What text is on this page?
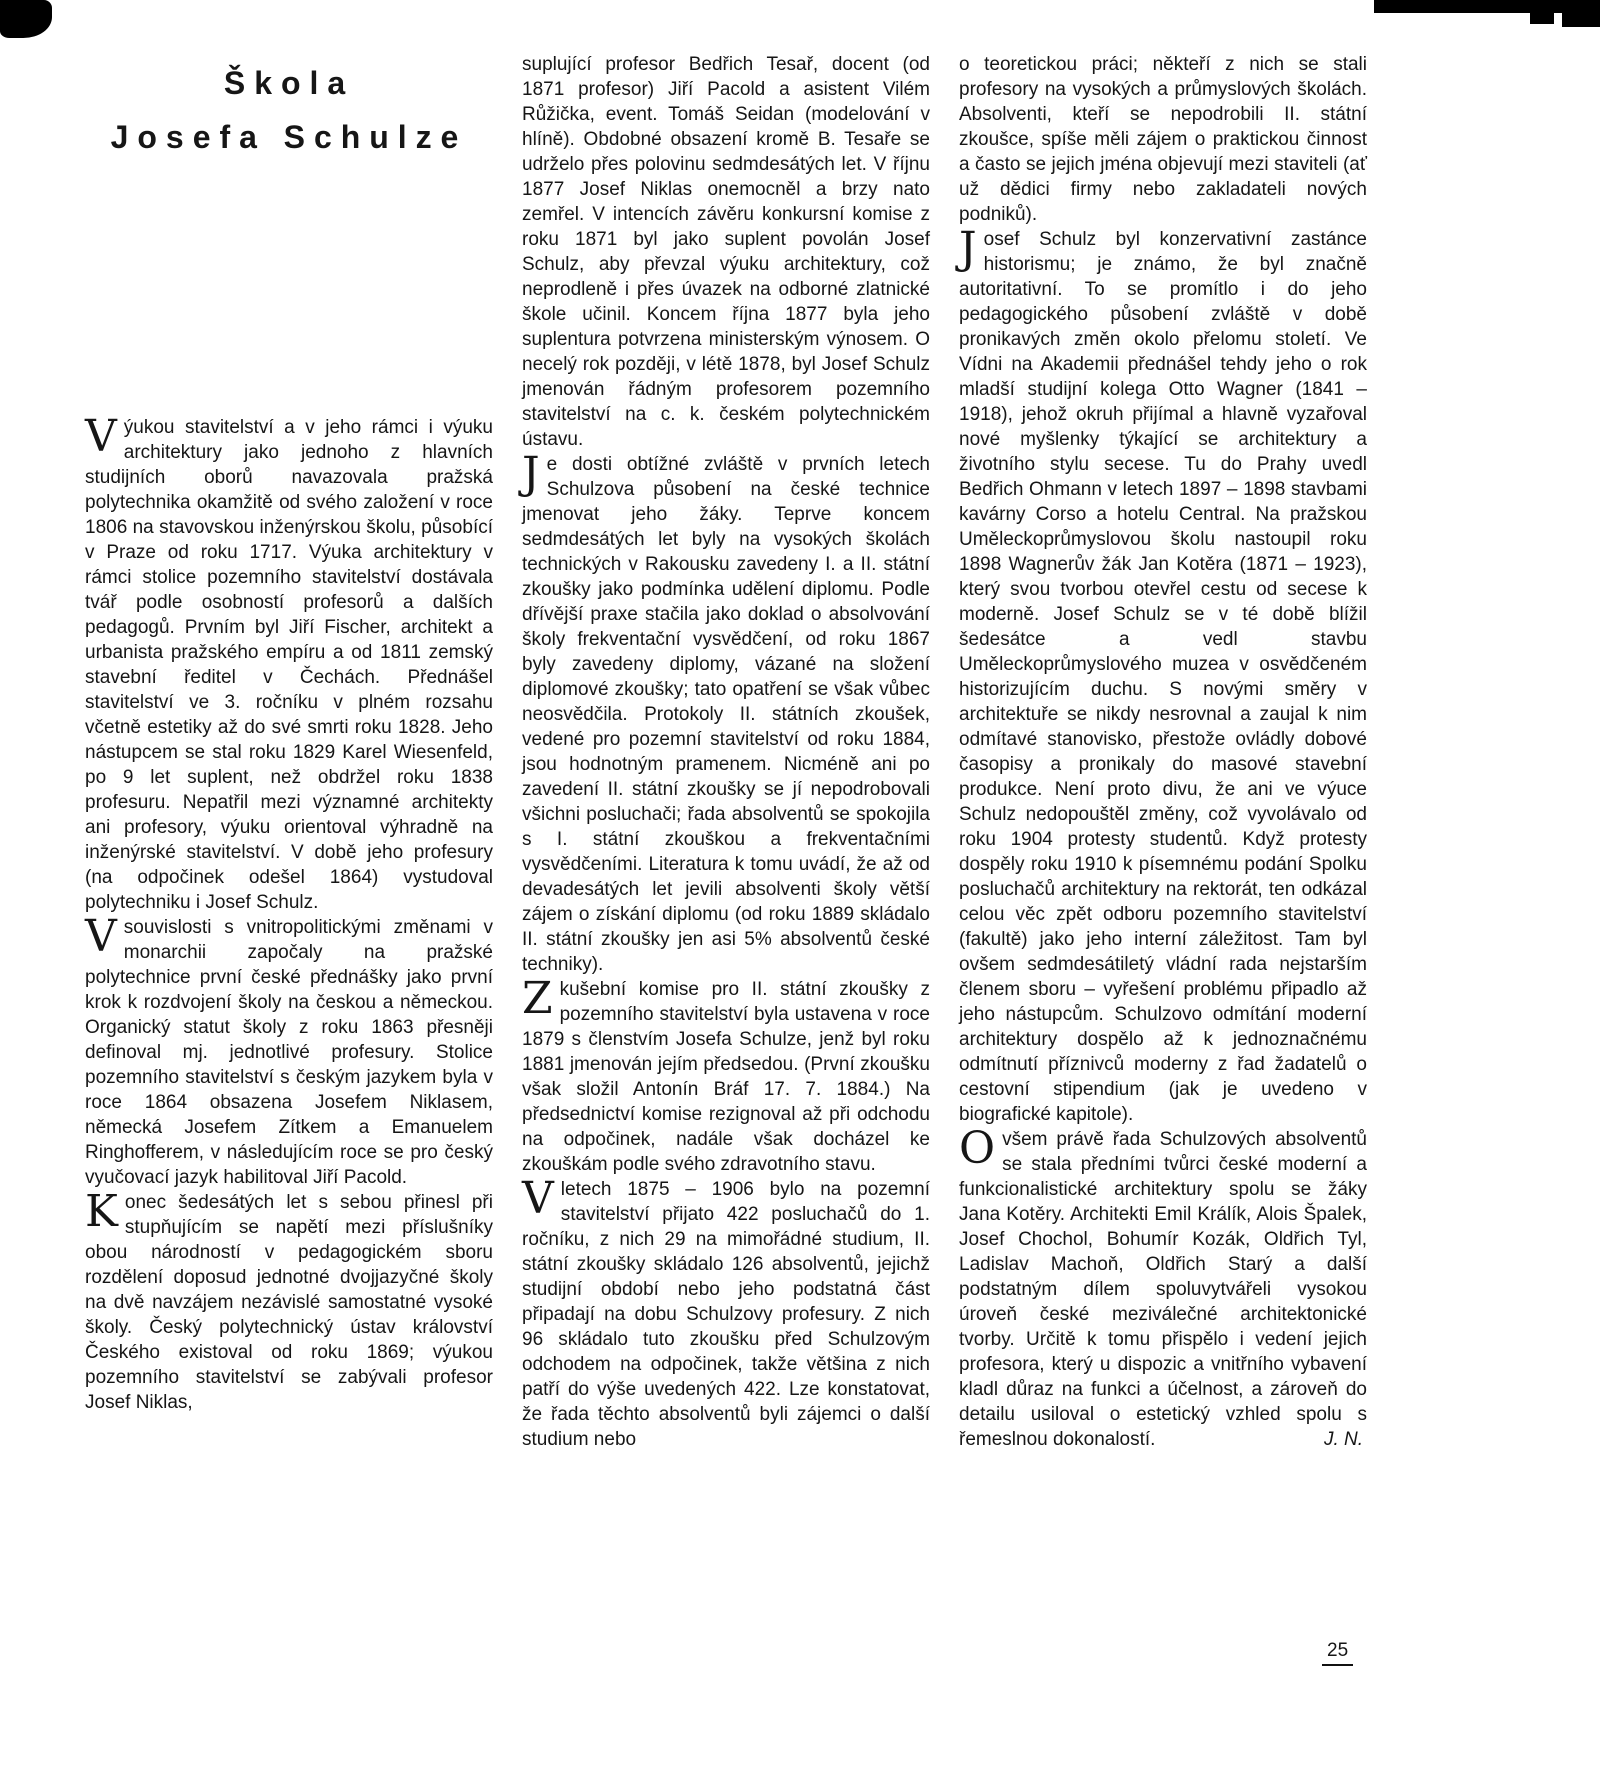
Škola
Josefa Schulze

Výukou stavitelství a v jeho rámci i výuku architektury jako jednoho z hlavních studijních oborů navazovala pražská polytechnika okamžitě od svého založení v roce 1806 na stavovskou inženýrskou školu, působící v Praze od roku 1717. Výuka architektury v rámci stolice pozemního stavitelství dostávala tvář podle osobností profesorů a dalších pedagogů. Prvním byl Jiří Fischer, architekt a urbanista pražského empíru a od 1811 zemský stavební ředitel v Čechách. Přednášel stavitelství ve 3. ročníku v plném rozsahu včetně estetiky až do své smrti roku 1828. Jeho nástupcem se stal roku 1829 Karel Wiesenfeld, po 9 let suplent, než obdržel roku 1838 profesuru. Nepatřil mezi významné architekty ani profesory, výuku orientoval výhradně na inženýrské stavitelství. V době jeho profesury (na odpočinek odešel 1864) vystudoval polytechniku i Josef Schulz.

Vsouvislosti s vnitropolitickými změnami v monarchii započaly na pražské polytechnice první české přednášky jako první krok k rozdvojení školy na českou a německou. Organický statut školy z roku 1863 přesněji definoval mj. jednotlivé profesury. Stolice pozemního stavitelství s českým jazykem byla v roce 1864 obsazena Josefem Niklasem, německá Josefem Zítkem a Emanuelem Ringhofferem, v následujícím roce se pro český vyučovací jazyk habilitoval Jiří Pacold.

Konec šedesátých let s sebou přinesl při stupňujícím se napětí mezi příslušníky obou národností v pedagogickém sboru rozdělení doposud jednotné dvojjazyčné školy na dvě navzájem nezávislé samostatné vysoké školy. Český polytechnický ústav království Českého existoval od roku 1869; výukou pozemního stavitelství se zabývali profesor Josef Niklas,

suplující profesor Bedřich Tesař, docent (od 1871 profesor) Jiří Pacold a asistent Vilém Růžička, event. Tomáš Seidan (modelování v hlíně). Obdobné obsazení kromě B. Tesaře se udrželo přes polovinu sedmdesátých let. V říjnu 1877 Josef Niklas onemocněl a brzy nato zemřel. V intencích závěru konkursní komise z roku 1871 byl jako suplent povolán Josef Schulz, aby převzal výuku architektury, což neprodleně i přes úvazek na odborné zlatnické škole učinil. Koncem října 1877 byla jeho suplentura potvrzena ministerským výnosem. O necelý rok později, v létě 1878, byl Josef Schulz jmenován řádným profesorem pozemního stavitelství na c. k. českém polytechnickém ústavu.

Je dosti obtížné zvláště v prvních letech Schulzova působení na české technice jmenovat jeho žáky. Teprve koncem sedmdesátých let byly na vysokých školách technických v Rakousku zavedeny I. a II. státní zkoušky jako podmínka udělení diplomu. Podle dřívější praxe stačila jako doklad o absolvování školy frekventační vysvědčení, od roku 1867 byly zavedeny diplomy, vázané na složení diplomové zkoušky; tato opatření se však vůbec neosvědčila. Protokoly II. státních zkoušek, vedené pro pozemní stavitelství od roku 1884, jsou hodnotným pramenem. Nicméně ani po zavedení II. státní zkoušky se jí nepodrobovali všichni posluchači; řada absolventů se spokojila s I. státní zkouškou a frekventačními vysvědčeními. Literatura k tomu uvádí, že až od devadesátých let jevili absolventi školy větší zájem o získání diplomu (od roku 1889 skládalo II. státní zkoušky jen asi 5% absolventů české techniky).

Zkušební komise pro II. státní zkoušky z pozemního stavitelství byla ustavena v roce 1879 s členstvím Josefa Schulze, jenž byl roku 1881 jmenován jejím předsedou. (První zkoušku však složil Antonín Bráf 17. 7. 1884.) Na předsednictví komise rezignoval až při odchodu na odpočinek, nadále však docházel ke zkouškám podle svého zdravotního stavu.

Vletech 1875 – 1906 bylo na pozemní stavitelství přijato 422 posluchačů do 1. ročníku, z nich 29 na mimořádné studium, II. státní zkoušky skládalo 126 absolventů, jejichž studijní období nebo jeho podstatná část připadají na dobu Schulzovy profesury. Z nich 96 skládalo tuto zkoušku před Schulzovým odchodem na odpočinek, takže většina z nich patří do výše uvedených 422. Lze konstatovat, že řada těchto absolventů byli zájemci o další studium nebo

o teoretickou práci; někteří z nich se stali profesory na vysokých a průmyslových školách. Absolventi, kteří se nepodrobili II. státní zkoušce, spíše měli zájem o praktickou činnost a často se jejich jména objevují mezi staviteli (ať už dědici firmy nebo zakladateli nových podniků).

Josef Schulz byl konzervativní zastánce historismu; je známo, že byl značně autoritativní. To se promítlo i do jeho pedagogického působení zvláště v době pronikavých změn okolo přelomu století. Ve Vídni na Akademii přednášel tehdy jeho o rok mladší studijní kolega Otto Wagner (1841 – 1918), jehož okruh přijímal a hlavně vyzařoval nové myšlenky týkající se architektury a životního stylu secese. Tu do Prahy uvedl Bedřich Ohmann v letech 1897 – 1898 stavbami kavárny Corso a hotelu Central. Na pražskou Uměleckoprůmyslovou školu nastoupil roku 1898 Wagnerův žák Jan Kotěra (1871 – 1923), který svou tvorbou otevřel cestu od secese k moderně. Josef Schulz se v té době blížil šedesátce a vedl stavbu Uměleckoprůmyslového muzea v osvědčeném historizujícím duchu. S novými směry v architektuře se nikdy nesrovnal a zaujal k nim odmítavé stanovisko, přestože ovládly dobové časopisy a pronikaly do masové stavební produkce. Není proto divu, že ani ve výuce Schulz nedopouštěl změny, což vyvolávalo od roku 1904 protesty studentů. Když protesty dospěly roku 1910 k písemnému podání Spolku posluchačů architektury na rektorát, ten odkázal celou věc zpět odboru pozemního stavitelství (fakultě) jako jeho interní záležitost. Tam byl ovšem sedmdesátiletý vládní rada nejstarším členem sboru – vyřešení problému připadlo až jeho nástupcům. Schulzovo odmítání moderní architektury dospělo až k jednoznačnému odmítnutí příznivců moderny z řad žadatelů o cestovní stipendium (jak je uvedeno v biografické kapitole).

Ovšem právě řada Schulzových absolventů se stala předními tvůrci české moderní a funkcionalistické architektury spolu se žáky Jana Kotěry. Architekti Emil Králík, Alois Špalek, Josef Chochol, Bohumír Kozák, Oldřich Tyl, Ladislav Machoň, Oldřich Starý a další podstatným dílem spoluvytvářeli vysokou úroveň české meziválečné architektonické tvorby. Určitě k tomu přispělo i vedení jejich profesora, který u dispozic a vnitřního vybavení kladl důraz na funkci a účelnost, a zároveň do detailu usiloval o estetický vzhled spolu s řemeslnou dokonalostí.	J. N.

25
